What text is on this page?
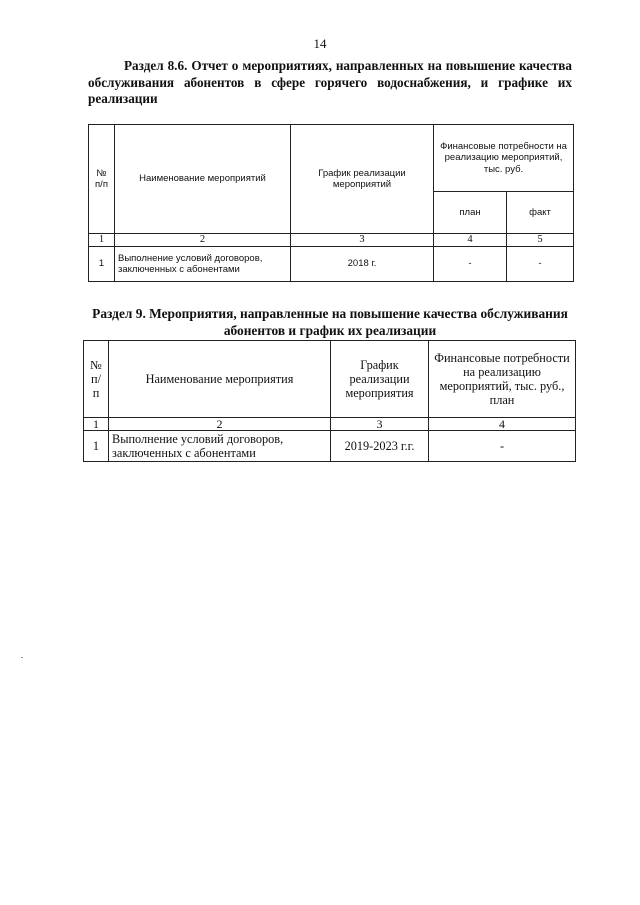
14
Раздел 8.6. Отчет о мероприятиях, направленных на повышение качества обслуживания абонентов в сфере горячего водоснабжения, и графике их реализации
№ п/п	Наименование мероприятий	График реализации мероприятий	Финансовые потребности на реализацию мероприятий, тыс. руб.	
			план	факт
1	2	3	4	5
1	Выполнение условий договоров, заключенных с абонентами	2018 г.	-	-
Раздел 9. Мероприятия, направленные на повышение качества обслуживания абонентов и график их реализации
№ п/ п	Наименование мероприятия	График реализации мероприятия	Финансовые потребности на реализацию мероприятий, тыс. руб., план
1	2	3	4
1	Выполнение условий договоров, заключенных с абонентами	2019-2023 г.г.	-
